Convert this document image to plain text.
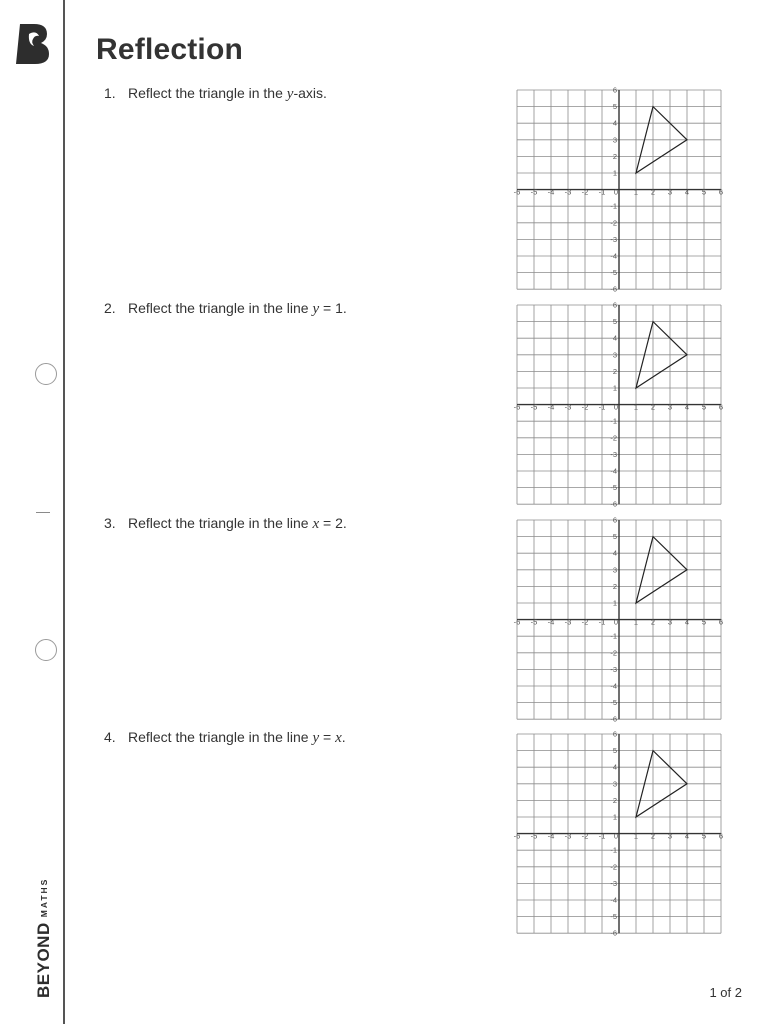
BEYONDMATHS
Reflection
1. Reflect the triangle in the y-axis.
2. Reflect the triangle in the line y = 1.
3. Reflect the triangle in the line x = 2.
4. Reflect the triangle in the line y = x.
-6 -5 -4 -3 -2 -1 0 1 2 3 4 5 6
1
2
3
4
5
6
-1
-2
-3
-4
-5
-6
-6 -5 -4 -3 -2 -1 0 1 2 3 4 5 6
1
2
3
4
5
6
-1
-2
-3
-4
-5
-6
-6 -5 -4 -3 -2 -1 0 1 2 3 4 5 6
1
2
3
4
5
6
-1
-2
-3
-4
-5
-6
-6 -5 -4 -3 -2 -1 0 1 2 3 4 5 6
1
2
3
4
5
6
-1
-2
-3
-4
-5
-6
1 of 2
